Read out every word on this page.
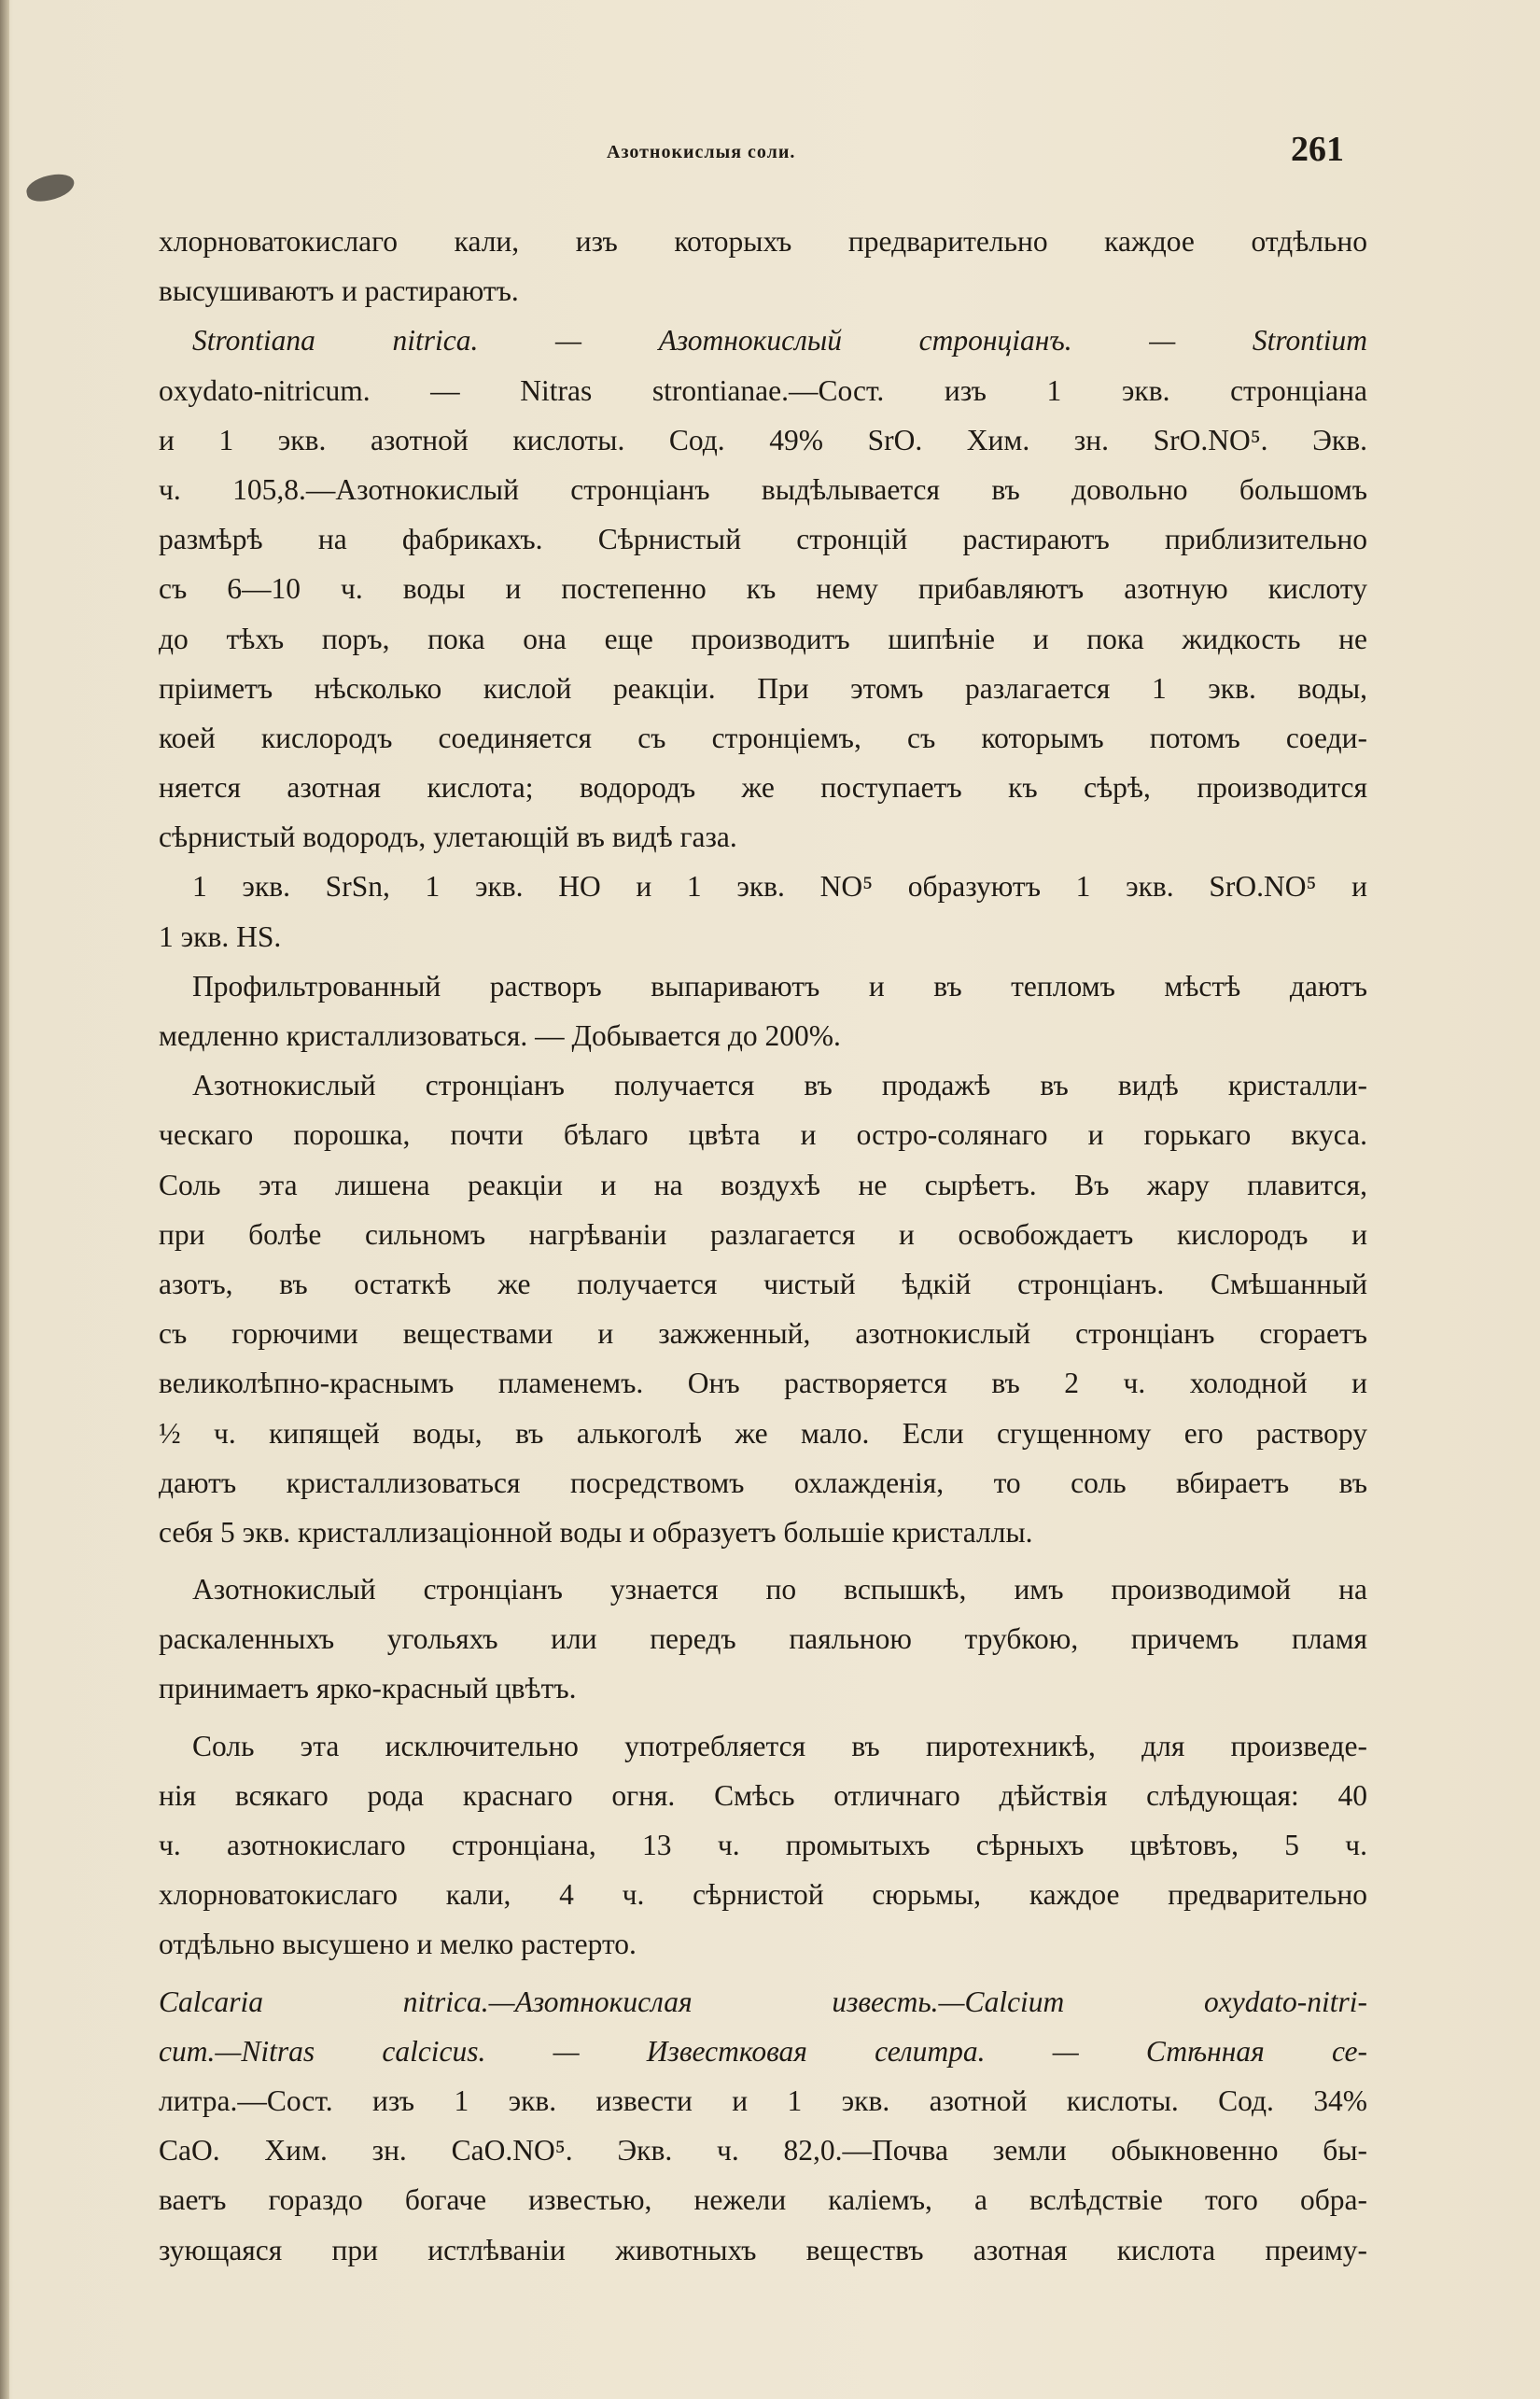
Азотнокислыя соли.	261
хлорноватокислаго кали, изъ которыхъ предварительно каждое отдѣльно
высушиваютъ и растираютъ.
Strontiana nitrica. — Азотнокислый стронціанъ. — Strontium
oxydato-nitricum. — Nitras strontianae.—Сост. изъ 1 экв. стронціана
и 1 экв. азотной кислоты. Сод. 49% SrO. Хим. зн. SrO.NO⁵. Экв.
ч. 105,8.—Азотнокислый стронціанъ выдѣлывается въ довольно большомъ
размѣрѣ на фабрикахъ. Сѣрнистый стронцій растираютъ приблизительно
съ 6—10 ч. воды и постепенно къ нему прибавляютъ азотную кислоту
до тѣхъ поръ, пока она еще производитъ шипѣніе и пока жидкость не
пріиметъ нѣсколько кислой реакціи. При этомъ разлагается 1 экв. воды,
коей кислородъ соединяется съ стронціемъ, съ которымъ потомъ соеди-
няется азотная кислота; водородъ же поступаетъ къ сѣрѣ, производится
сѣрнистый водородъ, улетающій въ видѣ газа.
1 экв. SrSn, 1 экв. HO и 1 экв. NO⁵ образуютъ 1 экв. SrO.NO⁵ и
1 экв. HS.
Профильтрованный растворъ выпариваютъ и въ тепломъ мѣстѣ даютъ
медленно кристаллизоваться. — Добывается до 200%.
Азотнокислый стронціанъ получается въ продажѣ въ видѣ кристалли-
ческаго порошка, почти бѣлаго цвѣта и остро-солянаго и горькаго вкуса.
Соль эта лишена реакціи и на воздухѣ не сырѣетъ. Въ жару плавится,
при болѣе сильномъ нагрѣваніи разлагается и освобождаетъ кислородъ и
азотъ, въ остаткѣ же получается чистый ѣдкій стронціанъ. Смѣшанный
съ горючими веществами и зажженный, азотнокислый стронціанъ сгораетъ
великолѣпно-краснымъ пламенемъ. Онъ растворяется въ 2 ч. холодной и
½ ч. кипящей воды, въ алькоголѣ же мало. Если сгущенному его раствору
даютъ кристаллизоваться посредствомъ охлажденія, то соль вбираетъ въ
себя 5 экв. кристаллизаціонной воды и образуетъ большіе кристаллы.
Азотнокислый стронціанъ узнается по вспышкѣ, имъ производимой на
раскаленныхъ угольяхъ или передъ паяльною трубкою, причемъ пламя
принимаетъ ярко-красный цвѣтъ.
Соль эта исключительно употребляется въ пиротехникѣ, для произведе-
нія всякаго рода краснаго огня. Смѣсь отличнаго дѣйствія слѣдующая: 40
ч. азотнокислаго стронціана, 13 ч. промытыхъ сѣрныхъ цвѣтовъ, 5 ч.
хлорноватокислаго кали, 4 ч. сѣрнистой сюрьмы, каждое предварительно
отдѣльно высушено и мелко растерто.
Calcaria nitrica.—Азотнокислая известь.—Calcium oxydato-nitri-
cum.—Nitras calcicus. — Известковая селитра. — Стѣнная се-
литра.—Сост. изъ 1 экв. извести и 1 экв. азотной кислоты. Сод. 34%
CaO. Хим. зн. CaO.NO⁵. Экв. ч. 82,0.—Почва земли обыкновенно бы-
ваетъ гораздо богаче известью, нежели каліемъ, а вслѣдствіе того обра-
зующаяся при истлѣваніи животныхъ веществъ азотная кислота преиму-
